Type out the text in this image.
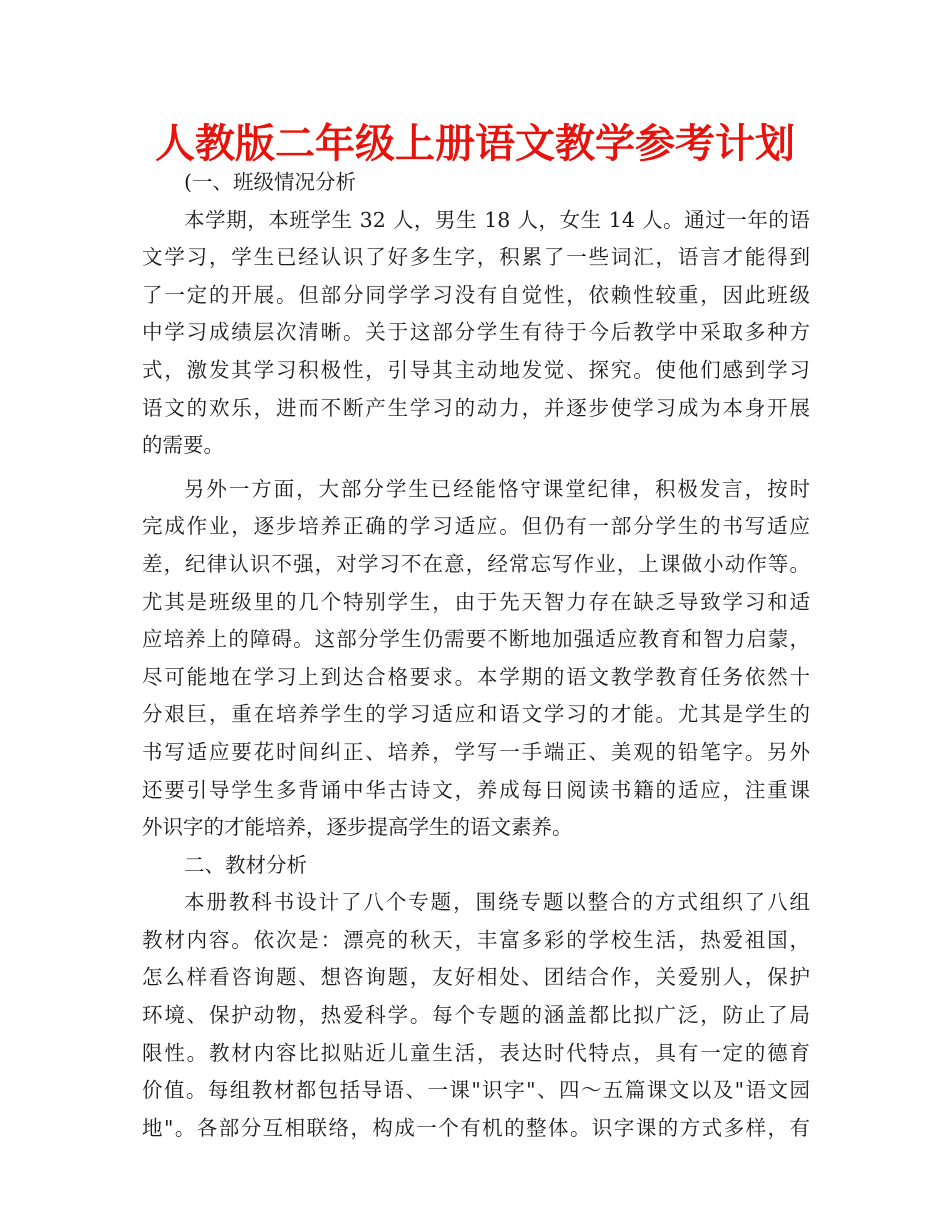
人教版二年级上册语文教学参考计划
(一、班级情况分析
本学期，本班学生 32 人，男生 18 人，女生 14 人。通过一年的语
文学习，学生已经认识了好多生字，积累了一些词汇，语言才能得到
了一定的开展。但部分同学学习没有自觉性，依赖性较重，因此班级
中学习成绩层次清晰。关于这部分学生有待于今后教学中采取多种方
式，激发其学习积极性，引导其主动地发觉、探究。使他们感到学习
语文的欢乐，进而不断产生学习的动力，并逐步使学习成为本身开展
的需要。
另外一方面，大部分学生已经能恪守课堂纪律，积极发言，按时
完成作业，逐步培养正确的学习适应。但仍有一部分学生的书写适应
差，纪律认识不强，对学习不在意，经常忘写作业，上课做小动作等。
尤其是班级里的几个特别学生，由于先天智力存在缺乏导致学习和适
应培养上的障碍。这部分学生仍需要不断地加强适应教育和智力启蒙，
尽可能地在学习上到达合格要求。本学期的语文教学教育任务依然十
分艰巨，重在培养学生的学习适应和语文学习的才能。尤其是学生的
书写适应要花时间纠正、培养，学写一手端正、美观的铅笔字。另外
还要引导学生多背诵中华古诗文，养成每日阅读书籍的适应，注重课
外识字的才能培养，逐步提高学生的语文素养。
二、教材分析
本册教科书设计了八个专题，围绕专题以整合的方式组织了八组
教材内容。依次是：漂亮的秋天，丰富多彩的学校生活，热爱祖国，
怎么样看咨询题、想咨询题，友好相处、团结合作，关爱别人，保护
环境、保护动物，热爱科学。每个专题的涵盖都比拟广泛，防止了局
限性。教材内容比拟贴近儿童生活，表达时代特点，具有一定的德育
价值。每组教材都包括导语、一课"识字"、四～五篇课文以及"语文园
地"。各部分互相联络，构成一个有机的整体。识字课的方式多样，有
